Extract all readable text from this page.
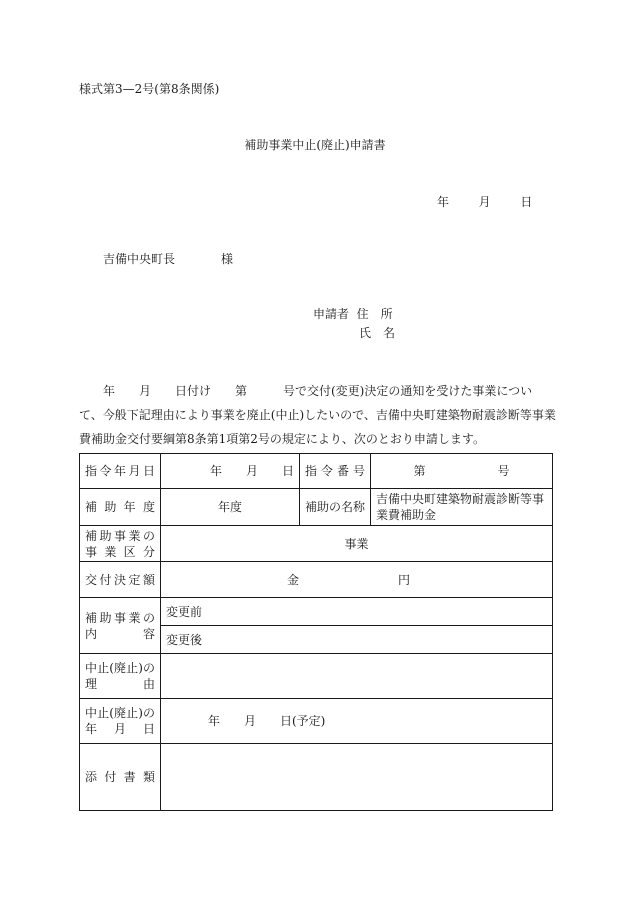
様式第3—2号(第8条関係)
補助事業中止(廃止)申請書
年 月 日
吉備中央町長	様
申請者 住　所
氏　名
　　年　　月　　日付け　　第　　　号で交付(変更)決定の通知を受けた事業につい
て、今般下記理由により事業を廃止(中止)したいので、吉備中央町建築物耐震診断等事業
費補助金交付要綱第8条第1項第2号の規定により、次のとおり申請します。
指令年月日	年　　月　　日	指令番号	第　　　　　　号
補助年度	年度	補助の名称	吉備中央町建築物耐震診断等事業費補助金

補助事業の
事業区分	事業		
交付決定額	金 円		

補助事業の
内容	変更前		
	変更後		

中止(廃止)の
理由			

中止(廃止)の
年月日	年　　月　　日(予定)		
添付書類			
